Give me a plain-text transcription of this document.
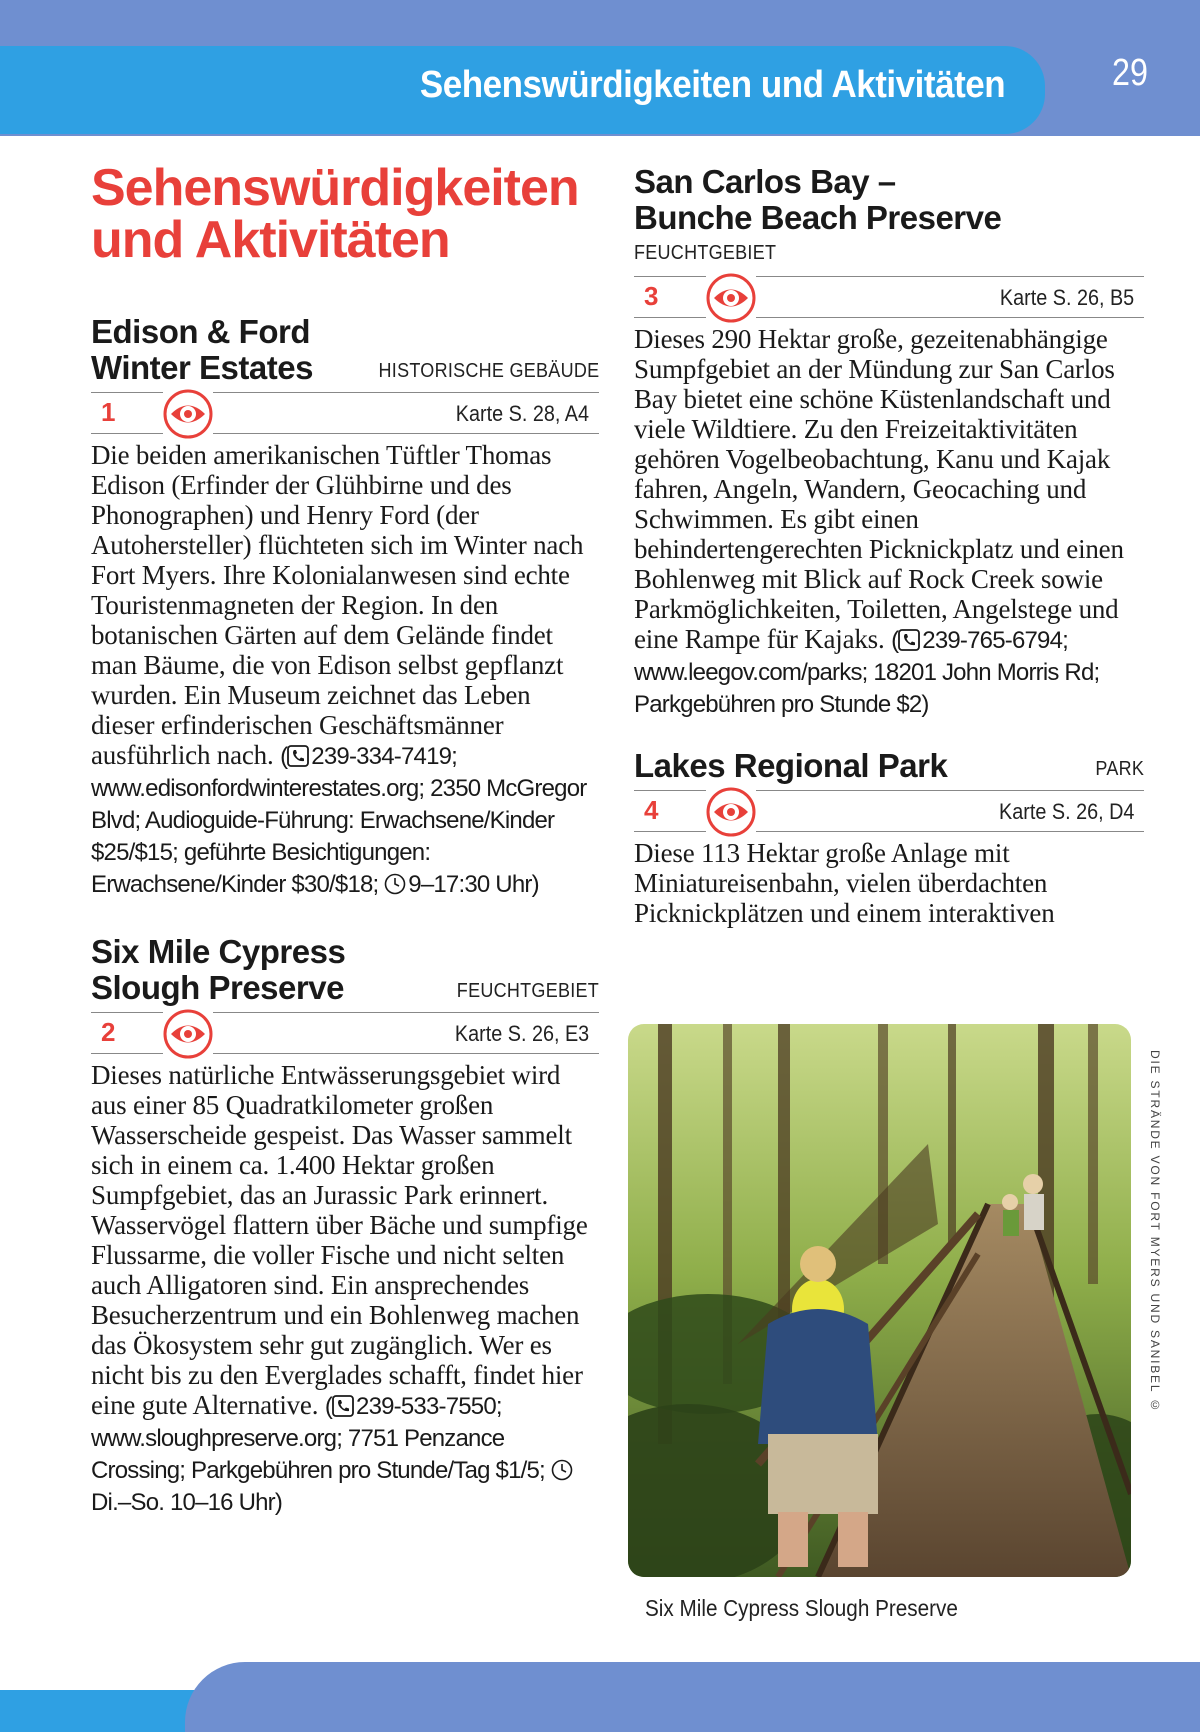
Sehenswürdigkeiten und Aktivitäten	29
Sehenswürdigkeiten
und Aktivitäten
Edison & Ford
Winter Estates	HISTORISCHE GEBÄUDE
1	Karte S. 28, A4

Die beiden amerikanischen Tüftler Thomas Edison (Erfinder der Glühbirne und des Phonographen) und Henry Ford (der Autohersteller) flüchteten sich im Winter nach Fort Myers. Ihre Kolonialanwesen sind echte Touristenmagneten der Region. In den botanischen Gärten auf dem Gelände findet man Bäume, die von Edison selbst gepflanzt wurden. Ein Museum zeichnet das Leben dieser erfinderischen Geschäftsmänner ausführlich nach. ( 239-334-7419; www.edisonfordwinterestates.org; 2350 McGregor Blvd; Audioguide-Führung: Erwachsene/Kinder $25/$15; geführte Besichtigungen: Erwachsene/Kinder $30/$18; 9–17:30 Uhr)

Six Mile Cypress
Slough Preserve	FEUCHTGEBIET
2	Karte S. 26, E3

Dieses natürliche Entwässerungsgebiet wird aus einer 85 Quadratkilometer großen Wasserscheide gespeist. Das Wasser sammelt sich in einem ca. 1.400 Hektar großen Sumpfgebiet, das an Jurassic Park erinnert. Wasservögel flattern über Bäche und sumpfige Flussarme, die voller Fische und nicht selten auch Alligatoren sind. Ein ansprechendes Besucherzentrum und ein Bohlenweg machen das Ökosystem sehr gut zugänglich. Wer es nicht bis zu den Everglades schafft, findet hier eine gute Alternative. ( 239-533-7550; www.sloughpreserve.org; 7751 Penzance Crossing; Parkgebühren pro Stunde/Tag $1/5; Di.–So. 10–16 Uhr)

San Carlos Bay –
Bunche Beach Preserve
FEUCHTGEBIET
3	Karte S. 26, B5

Dieses 290 Hektar große, gezeitenabhängige Sumpfgebiet an der Mündung zur San Carlos Bay bietet eine schöne Küstenlandschaft und viele Wildtiere. Zu den Freizeitaktivitäten gehören Vogelbeobachtung, Kanu und Kajak fahren, Angeln, Wandern, Geocaching und Schwimmen. Es gibt einen behindertengerechten Picknickplatz und einen Bohlenweg mit Blick auf Rock Creek sowie Parkmöglichkeiten, Toiletten, Angelstege und eine Rampe für Kajaks. ( 239-765-6794; www.leegov.com/parks; 18201 John Morris Rd; Parkgebühren pro Stunde $2)

Lakes Regional Park	PARK
4	Karte S. 26, D4

Diese 113 Hektar große Anlage mit Miniatureisenbahn, vielen überdachten Picknickplätzen und einem interaktiven

Six Mile Cypress Slough Preserve
DIE STRÄNDE VON FORT MYERS UND SANIBEL ©
